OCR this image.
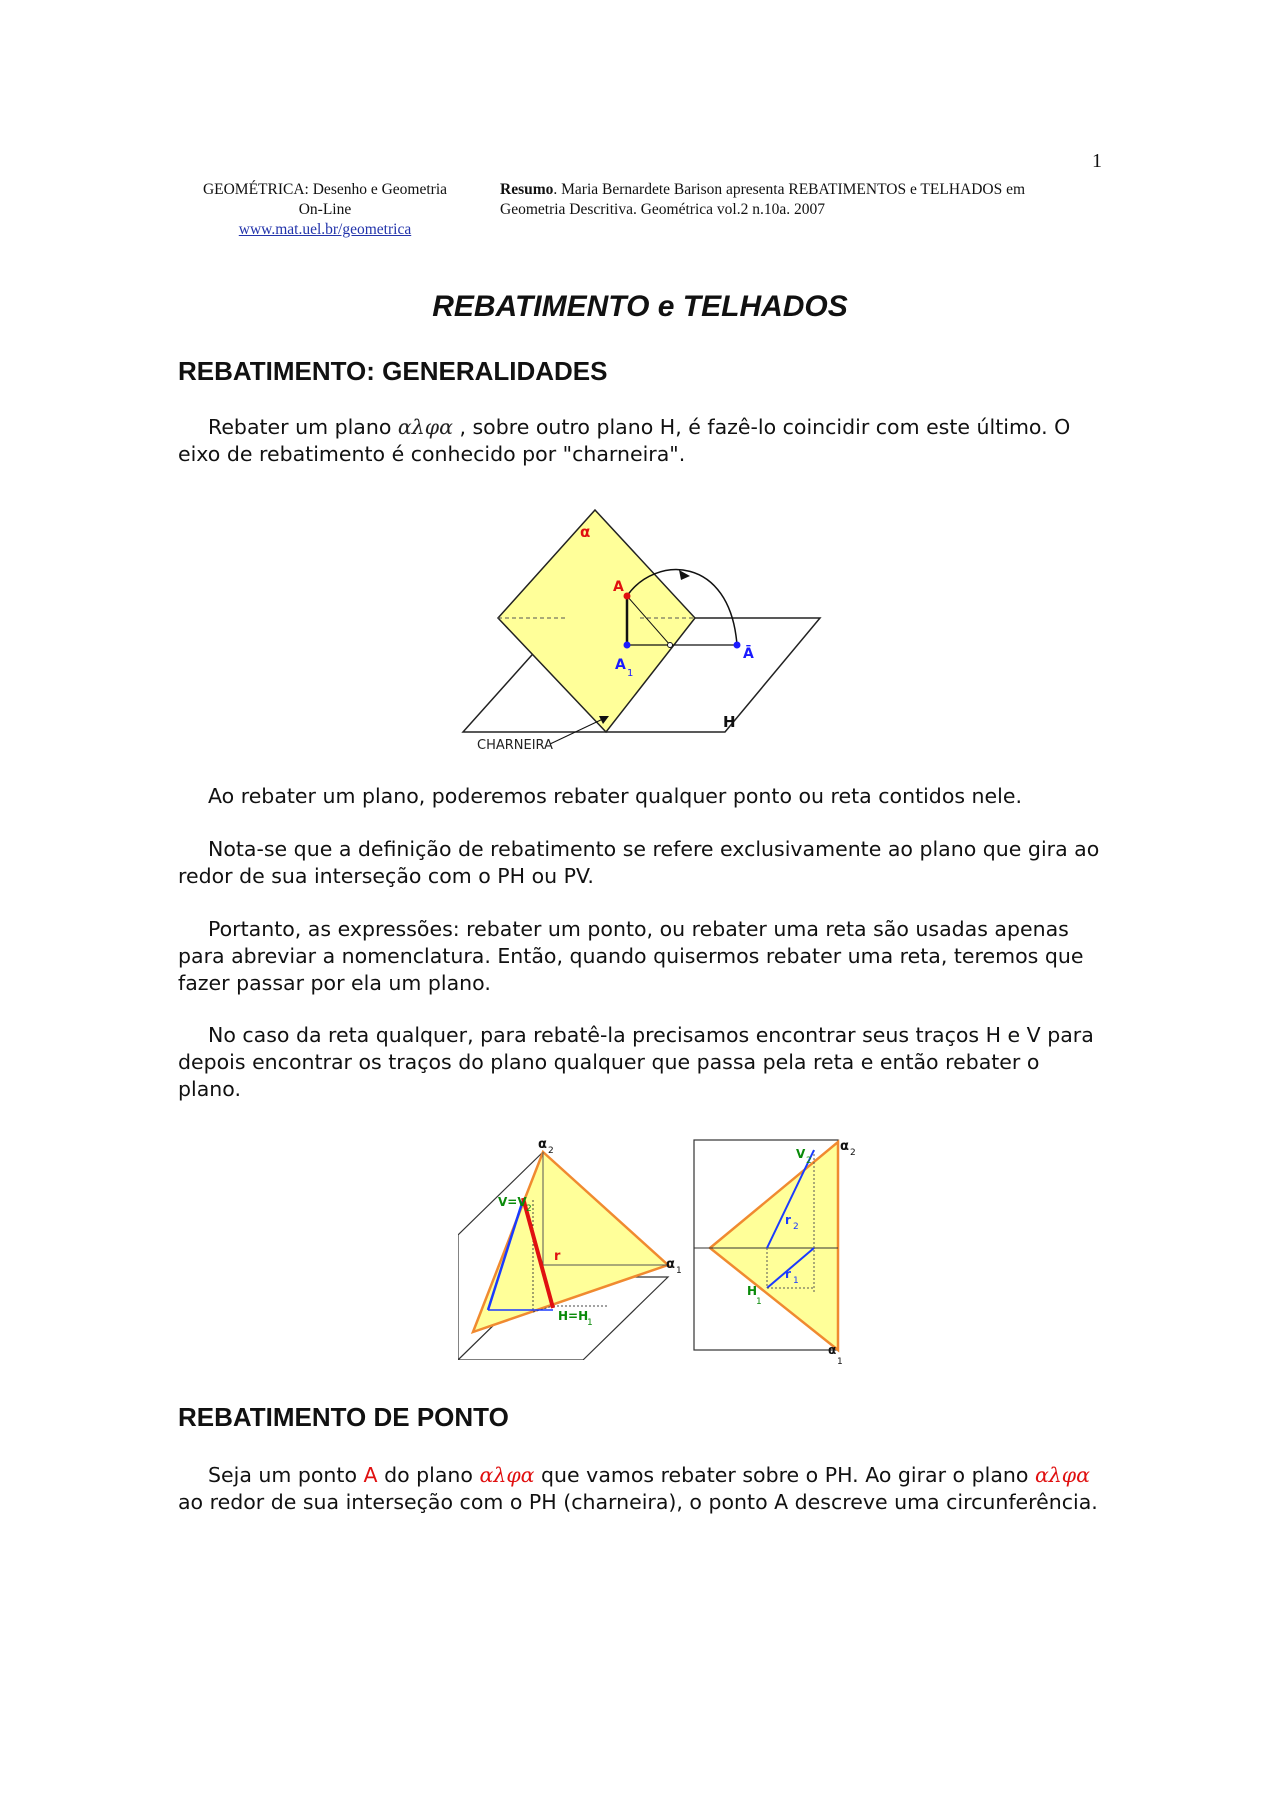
1
GEOMÉTRICA: Desenho e Geometria
On-Line
www.mat.uel.br/geometrica
Resumo. Maria Bernardete Barison apresenta REBATIMENTOS e TELHADOS em Geometria Descritiva. Geométrica vol.2 n.10a. 2007
REBATIMENTO e TELHADOS
REBATIMENTO: GENERALIDADES
Rebater um plano αλφα , sobre outro plano H, é fazê-lo coincidir com este último. O eixo de rebatimento é conhecido por "charneira".
α
A
A
1
Ā
H
CHARNEIRA
Ao rebater um plano, poderemos rebater qualquer ponto ou reta contidos nele.
Nota-se que a definição de rebatimento se refere exclusivamente ao plano que gira ao redor de sua interseção com o PH ou PV.
Portanto, as expressões: rebater um ponto, ou rebater uma reta são usadas apenas para abreviar a nomenclatura. Então, quando quisermos rebater uma reta, teremos que fazer passar por ela um plano.
No caso da reta qualquer, para rebatê-la precisamos encontrar seus traços H e V para depois encontrar os traços do plano qualquer que passa pela reta e então rebater o plano.
α 2
α 1
V=V 2
r
H=H
1
α 2
α
1
V 2
r 2
r 1
H
1
REBATIMENTO DE PONTO
Seja um ponto A do plano αλφα que vamos rebater sobre o PH. Ao girar o plano αλφα ao redor de sua interseção com o PH (charneira), o ponto A descreve uma circunferência.
